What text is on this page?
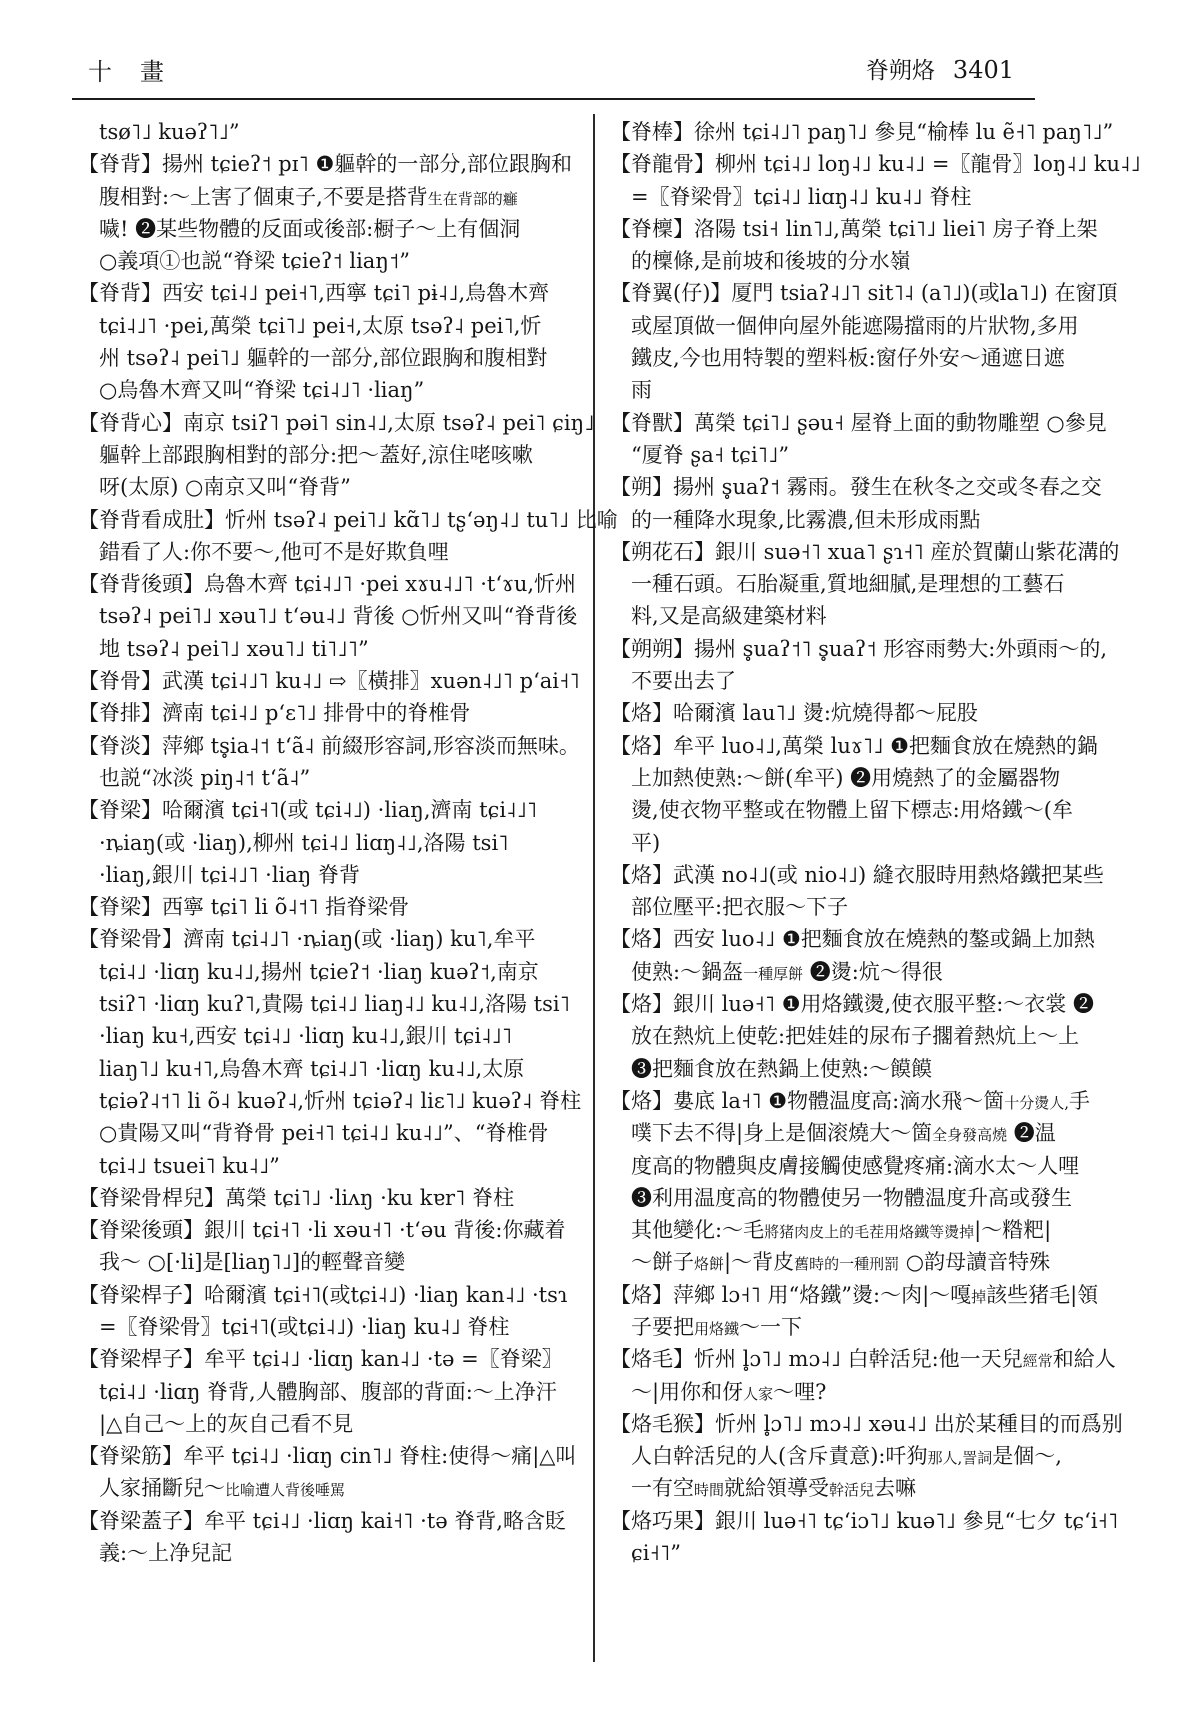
十　畫	脊朔烙 3401
tsø˥˩ kuəʔ˥˩”
【脊背】揚州 tɕieʔ˦ pɪ˥ ❶軀幹的一部分,部位跟胸和
腹相對:～上害了個東子,不要是搭背生在背部的癰
噦! ❷某些物體的反面或後部:橱子～上有個洞
○義項①也説“脊梁 tɕieʔ˦ liaŋ˦”
【脊背】西安 tɕi˨˩ pei˧˥,西寧 tɕi˥ pɨ˨˩,烏魯木齊
tɕi˨˩˥ ·pei,萬榮 tɕi˥˩ pei˧,太原 tsəʔ˨ pei˥,忻
州 tsəʔ˨ pei˥˩ 軀幹的一部分,部位跟胸和腹相對
○烏魯木齊又叫“脊梁 tɕi˨˩˥ ·liaŋ”
【脊背心】南京 tsiʔ˥ pəi˥ sin˨˩,太原 tsəʔ˨ pei˥ ɕiŋ˩
軀幹上部跟胸相對的部分:把～蓋好,涼住咾咳嗽
呀(太原) ○南京又叫“脊背”
【脊背看成肚】忻州 tsəʔ˨ pei˥˩ kɑ̃˥˩ tʂʻəŋ˨˩ tu˥˩ 比喻
錯看了人:你不要～,他可不是好欺負哩
【脊背後頭】烏魯木齊 tɕi˨˩˥ ·pei xɤu˨˩˥ ·tʻɤu,忻州
tsəʔ˨ pei˥˩ xəu˥˩ tʻəu˨˩ 背後 ○忻州又叫“脊背後
地 tsəʔ˨ pei˥˩ xəu˥˩ ti˥˩˥”
【脊骨】武漢 tɕi˨˩˥ ku˨˩ ⇨〖橫排〗xuən˨˩˥ pʻai˧˥
【脊排】濟南 tɕi˨˩ pʻɛ˥˩ 排骨中的脊椎骨
【脊淡】萍鄉 ts̥ia˨˦ tʻã˨ 前綴形容詞,形容淡而無味。
也説“冰淡 piŋ˨˦ tʻã˨”
【脊梁】哈爾濱 tɕi˧˥(或 tɕi˨˩) ·liaŋ,濟南 tɕi˨˩˥
·ȵiaŋ(或 ·liaŋ),柳州 tɕi˨˩ liɑŋ˨˩,洛陽 tsi˥
·liaŋ,銀川 tɕi˨˩˥ ·liaŋ 脊背
【脊梁】西寧 tɕi˥ li õ˨˦˥ 指脊梁骨
【脊梁骨】濟南 tɕi˨˩˥ ·ȵiaŋ(或 ·liaŋ) ku˥,牟平
tɕi˨˩ ·liɑŋ ku˨˩,揚州 tɕieʔ˦ ·liaŋ kuəʔ˦,南京
tsiʔ˥ ·liɑŋ kuʔ˥,貴陽 tɕi˨˩ liaŋ˨˩ ku˨˩,洛陽 tsi˥
·liaŋ ku˧,西安 tɕi˨˩ ·liɑŋ ku˨˩,銀川 tɕi˨˩˥
liaŋ˥˩ ku˧˥,烏魯木齊 tɕi˨˩˥ ·liɑŋ ku˨˩,太原
tɕiəʔ˨˦˥ li õ˨ kuəʔ˨,忻州 tɕiəʔ˨ liɛ˥˩ kuəʔ˨ 脊柱
○貴陽又叫“背脊骨 pei˧˥ tɕi˨˩ ku˨˩”、“脊椎骨
tɕi˨˩ tsuei˥ ku˨˩”
【脊梁骨桿兒】萬榮 tɕi˥˩ ·liʌŋ ·ku kɐr˥ 脊柱
【脊梁後頭】銀川 tɕi˧˥ ·li xəu˧˥ ·tʻəu 背後:你藏着
我～ ○[·li]是[liaŋ˥˩]的輕聲音變
【脊梁桿子】哈爾濱 tɕi˧˥(或tɕi˨˩) ·liaŋ kan˨˩ ·tsɿ
=〖脊梁骨〗tɕi˧˥(或tɕi˨˩) ·liaŋ ku˨˩ 脊柱
【脊梁桿子】牟平 tɕi˨˩ ·liɑŋ kan˨˩ ·tə =〖脊梁〗
tɕi˨˩ ·liɑŋ 脊背,人體胸部、腹部的背面:～上净汗
|△自己～上的灰自己看不見
【脊梁筋】牟平 tɕi˨˩ ·liɑŋ cin˥˩ 脊柱:使得～痛|△叫
人家捅斷兒～比喻遭人背後唾駡
【脊梁蓋子】牟平 tɕi˨˩ ·liɑŋ kai˧˥ ·tə 脊背,略含貶
義:～上净兒記
【脊棒】徐州 tɕi˨˩˥ paŋ˥˩ 參見“榆棒 lu ẽ˧˥ paŋ˥˩”
【脊龍骨】柳州 tɕi˨˩ loŋ˨˩ ku˨˩ =〖龍骨〗loŋ˨˩ ku˨˩
=〖脊梁骨〗tɕi˨˩ liɑŋ˨˩ ku˨˩ 脊柱
【脊檁】洛陽 tsi˧ lin˥˩,萬榮 tɕi˥˩ liei˥ 房子脊上架
的檁條,是前坡和後坡的分水嶺
【脊翼(仔)】厦門 tsiaʔ˨˩˥ sit˥˨ (a˥˩)(或la˥˩) 在窗頂
或屋頂做一個伸向屋外能遮陽擋雨的片狀物,多用
鐵皮,今也用特製的塑料板:窗仔外安～通遮日遮
雨
【脊獸】萬榮 tɕi˥˩ ʂəu˧ 屋脊上面的動物雕塑 ○參見
“厦脊 ʂa˧ tɕi˥˩”
【朔】揚州 s̥uaʔ˦ 霧雨。發生在秋冬之交或冬春之交
的一種降水現象,比霧濃,但未形成雨點
【朔花石】銀川 suə˧˥ xua˥ ʂɿ˧˥ 産於賀蘭山紫花溝的
一種石頭。石胎凝重,質地細膩,是理想的工藝石
料,又是高級建築材料
【朔朔】揚州 s̥uaʔ˦˥ s̥uaʔ˦ 形容雨勢大:外頭雨～的,
不要出去了
【烙】哈爾濱 lau˥˩ 燙:炕燒得都～屁股
【烙】牟平 luo˨˩,萬榮 luɤ˥˩ ❶把麵食放在燒熱的鍋
上加熱使熟:～餅(牟平) ❷用燒熱了的金屬器物
燙,使衣物平整或在物體上留下標志:用烙鐵～(牟
平)
【烙】武漢 no˨˩(或 nio˨˩) 縫衣服時用熱烙鐵把某些
部位壓平:把衣服～下子
【烙】西安 luo˨˩ ❶把麵食放在燒熱的鏊或鍋上加熱
使熟:～鍋盔一種厚餅 ❷燙:炕～得很
【烙】銀川 luə˧˥ ❶用烙鐵燙,使衣服平整:～衣裳 ❷
放在熱炕上使乾:把娃娃的尿布子擱着熱炕上～上
❸把麵食放在熱鍋上使熟:～饃饃
【烙】婁底 la˧˥ ❶物體温度高:滴水飛～箇十分燙人,手
噗下去不得|身上是個滚燒大～箇全身發高燒 ❷温
度高的物體與皮膚接觸使感覺疼痛:滴水太～人哩
❸利用温度高的物體使另一物體温度升高或發生
其他變化:～毛將猪肉皮上的毛茬用烙鐵等燙掉|～糌粑|
～餅子烙餅|～背皮舊時的一種刑罰 ○韵母讀音特殊
【烙】萍鄉 lɔ˧˥ 用“烙鐵”燙:～肉|～嘎掉該些猪毛|領
子要把用烙鐵～一下
【烙毛】忻州 l̥ɔ˥˩ mɔ˨˩ 白幹活兒:他一天兒經常和給人
～|用你和伢人家～哩?
【烙毛猴】忻州 l̥ɔ˥˩ mɔ˨˩ xəu˨˩ 出於某種目的而爲别
人白幹活兒的人(含斥責意):吀狗那人,詈詞是個～,
一有空時間就給領導受幹活兒去嘛
【烙巧果】銀川 luə˧˥ tɕʻiɔ˥˩ kuə˥˩ 參見“七夕 tɕʻi˧˥
ɕi˧˥”
